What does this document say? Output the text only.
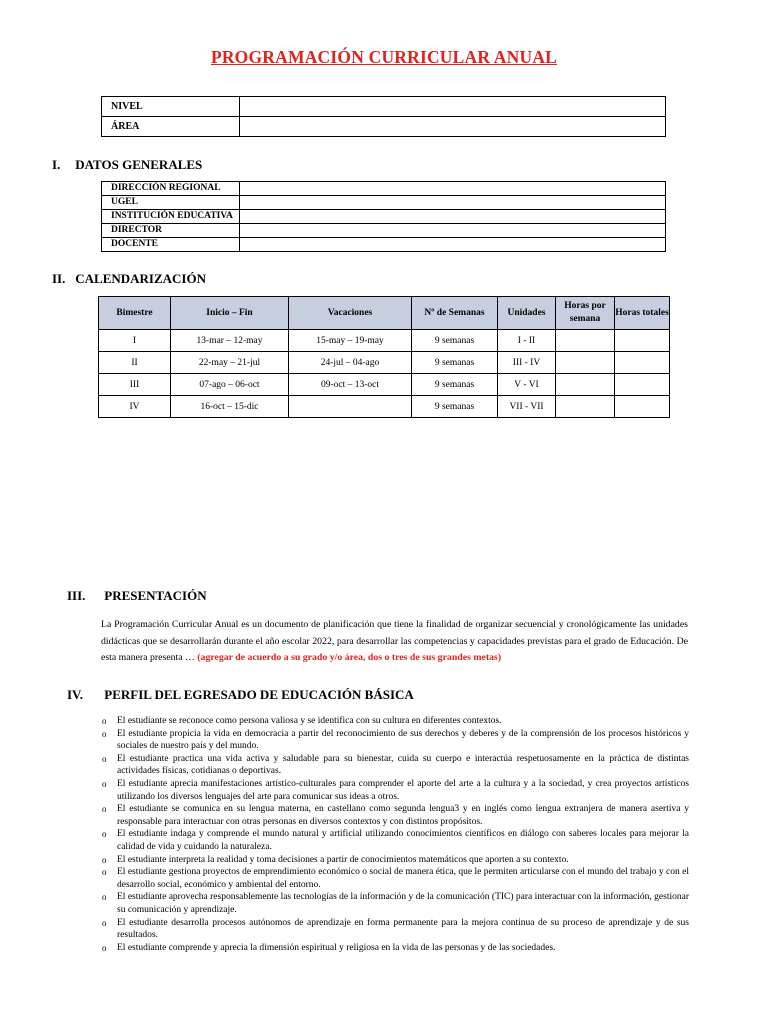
PROGRAMACIÓN CURRICULAR ANUAL
NIVEL	
ÁREA	
I. DATOS GENERALES
DIRECCIÓN REGIONAL	
UGEL	
INSTITUCIÓN EDUCATIVA	
DIRECTOR	
DOCENTE	
II. CALENDARIZACIÓN
Bimestre	Inicio – Fin	Vacaciones	Nº de Semanas	Unidades	Horas por semana	Horas totales
I	13-mar – 12-may	15-may – 19-may	9 semanas	I - II		
II	22-may – 21-jul	24-jul – 04-ago	9 semanas	III - IV		
III	07-ago – 06-oct	09-oct – 13-oct	9 semanas	V - VI		
IV	16-oct – 15-dic		9 semanas	VII - VII		
III. PRESENTACIÓN
La Programación Curricular Anual es un documento de planificación que tiene la finalidad de organizar secuencial y cronológicamente las unidades didácticas que se desarrollarán durante el año escolar 2022, para desarrollar las competencias y capacidades previstas para el grado de Educación. De esta manera presenta … (agregar de acuerdo a su grado y/o área, dos o tres de sus grandes metas)
IV. PERFIL DEL EGRESADO DE EDUCACIÓN BÁSICA
o El estudiante se reconoce como persona valiosa y se identifica con su cultura en diferentes contextos.
o El estudiante propicia la vida en democracia a partir del reconocimiento de sus derechos y deberes y de la comprensión de los procesos históricos y sociales de nuestro país y del mundo.
o El estudiante practica una vida activa y saludable para su bienestar, cuida su cuerpo e interactúa respetuosamente en la práctica de distintas actividades físicas, cotidianas o deportivas.
o El estudiante aprecia manifestaciones artístico-culturales para comprender el aporte del arte a la cultura y a la sociedad, y crea proyectos artísticos utilizando los diversos lenguajes del arte para comunicar sus ideas a otros.
o El estudiante se comunica en su lengua materna, en castellano como segunda lengua3 y en inglés como lengua extranjera de manera asertiva y responsable para interactuar con otras personas en diversos contextos y con distintos propósitos.
o El estudiante indaga y comprende el mundo natural y artificial utilizando conocimientos científicos en diálogo con saberes locales para mejorar la calidad de vida y cuidando la naturaleza.
o El estudiante interpreta la realidad y toma decisiones a partir de conocimientos matemáticos que aporten a su contexto.
o El estudiante gestiona proyectos de emprendimiento económico o social de manera ética, que le permiten articularse con el mundo del trabajo y con el desarrollo social, económico y ambiental del entorno.
o El estudiante aprovecha responsablemente las tecnologías de la información y de la comunicación (TIC) para interactuar con la información, gestionar su comunicación y aprendizaje.
o El estudiante desarrolla procesos autónomos de aprendizaje en forma permanente para la mejora continua de su proceso de aprendizaje y de sus resultados.
o El estudiante comprende y aprecia la dimensión espiritual y religiosa en la vida de las personas y de las sociedades.
